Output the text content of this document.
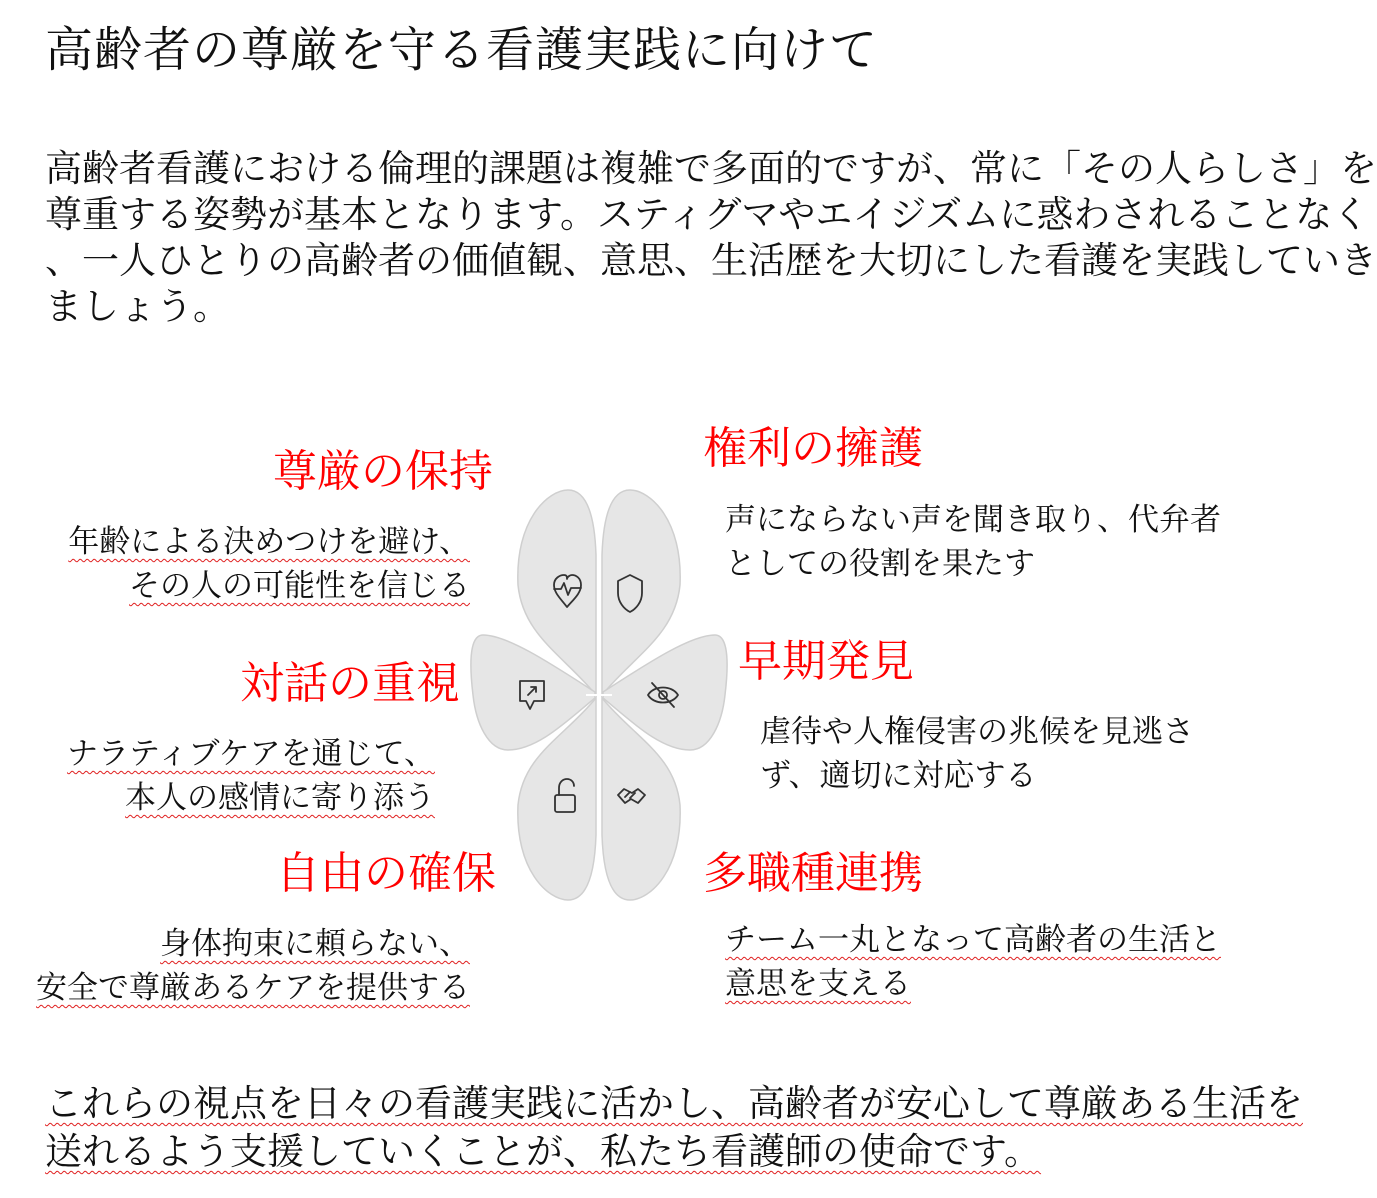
高齢者の尊厳を守る看護実践に向けて
高齢者看護における倫理的課題は複雑で多面的ですが、常に「その人らしさ」を
尊重する姿勢が基本となります。スティグマやエイジズムに惑わされることなく
、一人ひとりの高齢者の価値観、意思、生活歴を大切にした看護を実践していき
ましょう。
尊厳の保持
年齢による決めつけを避け、
その人の可能性を信じる
対話の重視
ナラティブケアを通じて、
本人の感情に寄り添う
自由の確保
身体拘束に頼らない、
安全で尊厳あるケアを提供する
権利の擁護
声にならない声を聞き取り、代弁者
としての役割を果たす
早期発見
虐待や人権侵害の兆候を見逃さ
ず、適切に対応する
多職種連携
チーム一丸となって高齢者の生活と
意思を支える
これらの視点を日々の看護実践に活かし、高齢者が安心して尊厳ある生活を
送れるよう支援していくことが、私たち看護師の使命です。
